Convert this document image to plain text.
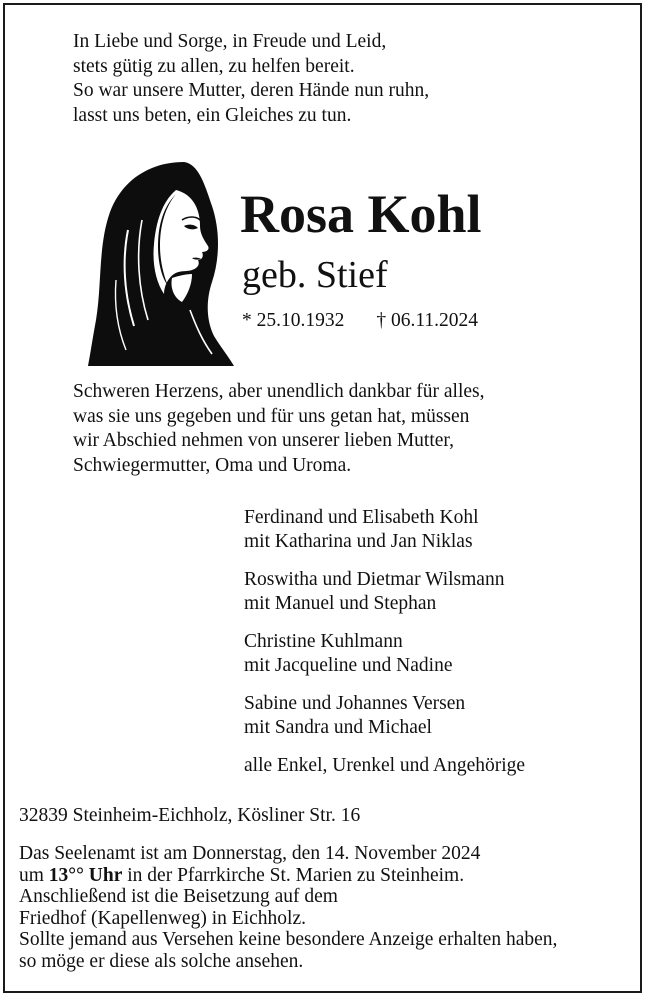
In Liebe und Sorge, in Freude und Leid,
stets gütig zu allen, zu helfen bereit.
So war unsere Mutter, deren Hände nun ruhn,
lasst uns beten, ein Gleiches zu tun.
Rosa Kohl
geb. Stief
* 25.10.1932 † 06.11.2024
Schweren Herzens, aber unendlich dankbar für alles,
was sie uns gegeben und für uns getan hat, müssen
wir Abschied nehmen von unserer lieben Mutter,
Schwiegermutter, Oma und Uroma.
Ferdinand und Elisabeth Kohl
mit Katharina und Jan Niklas
Roswitha und Dietmar Wilsmann
mit Manuel und Stephan
Christine Kuhlmann
mit Jacqueline und Nadine
Sabine und Johannes Versen
mit Sandra und Michael
alle Enkel, Urenkel und Angehörige
32839 Steinheim-Eichholz, Kösliner Str. 16
Das Seelenamt ist am Donnerstag, den 14. November 2024
um 13°° Uhr in der Pfarrkirche St. Marien zu Steinheim.
Anschließend ist die Beisetzung auf dem
Friedhof (Kapellenweg) in Eichholz.
Sollte jemand aus Versehen keine besondere Anzeige erhalten haben,
so möge er diese als solche ansehen.
